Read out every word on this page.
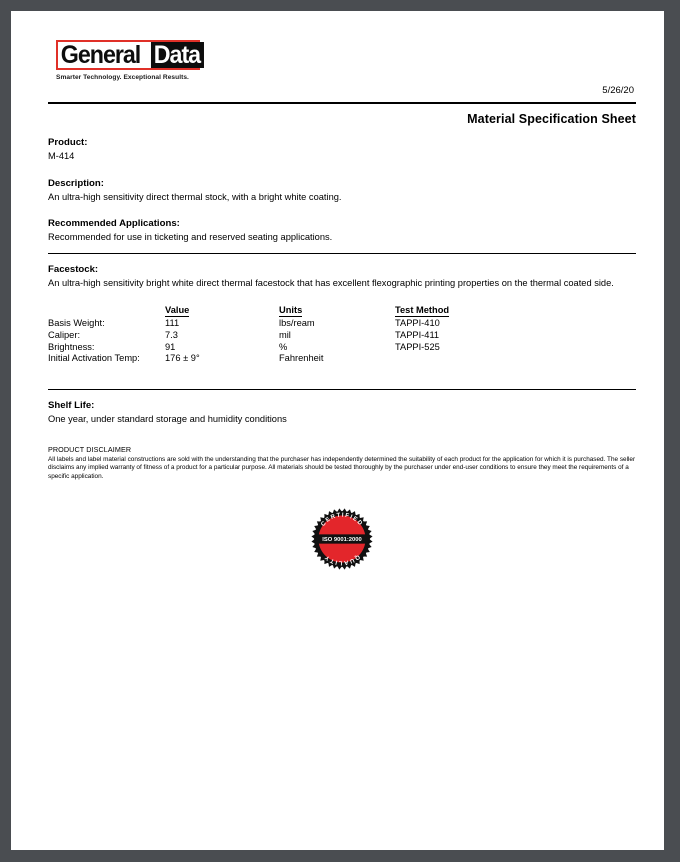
General Data
Smarter Technology. Exceptional Results.
5/26/20
Material Specification Sheet
Product:
M-414
Description:
An ultra-high sensitivity direct thermal stock, with a bright white coating.
Recommended Applications:
Recommended for use in ticketing and reserved seating applications.
Facestock:
An ultra-high sensitivity bright white direct thermal facestock that has excellent flexographic printing properties on the thermal coated side.
	Value	Units	Test Method
Basis Weight:	111	lbs/ream	TAPPI-410
Caliper:	7.3	mil	TAPPI-411
Brightness:	91	%	TAPPI-525
Initial Activation Temp:	176 ± 9°	Fahrenheit	
Shelf Life:
One year, under standard storage and humidity conditions
PRODUCT DISCLAIMER
All labels and label material constructions are sold with the understanding that the purchaser has independently determined the suitability of each product for the application for which it is purchased. The seller disclaims any implied warranty of fitness of a product for a particular purpose. All materials should be tested thoroughly by the purchaser under end-user conditions to ensure they meet the requirements of a specific application.
ISO 9001:2000
CERTIFIED
QUALITY
